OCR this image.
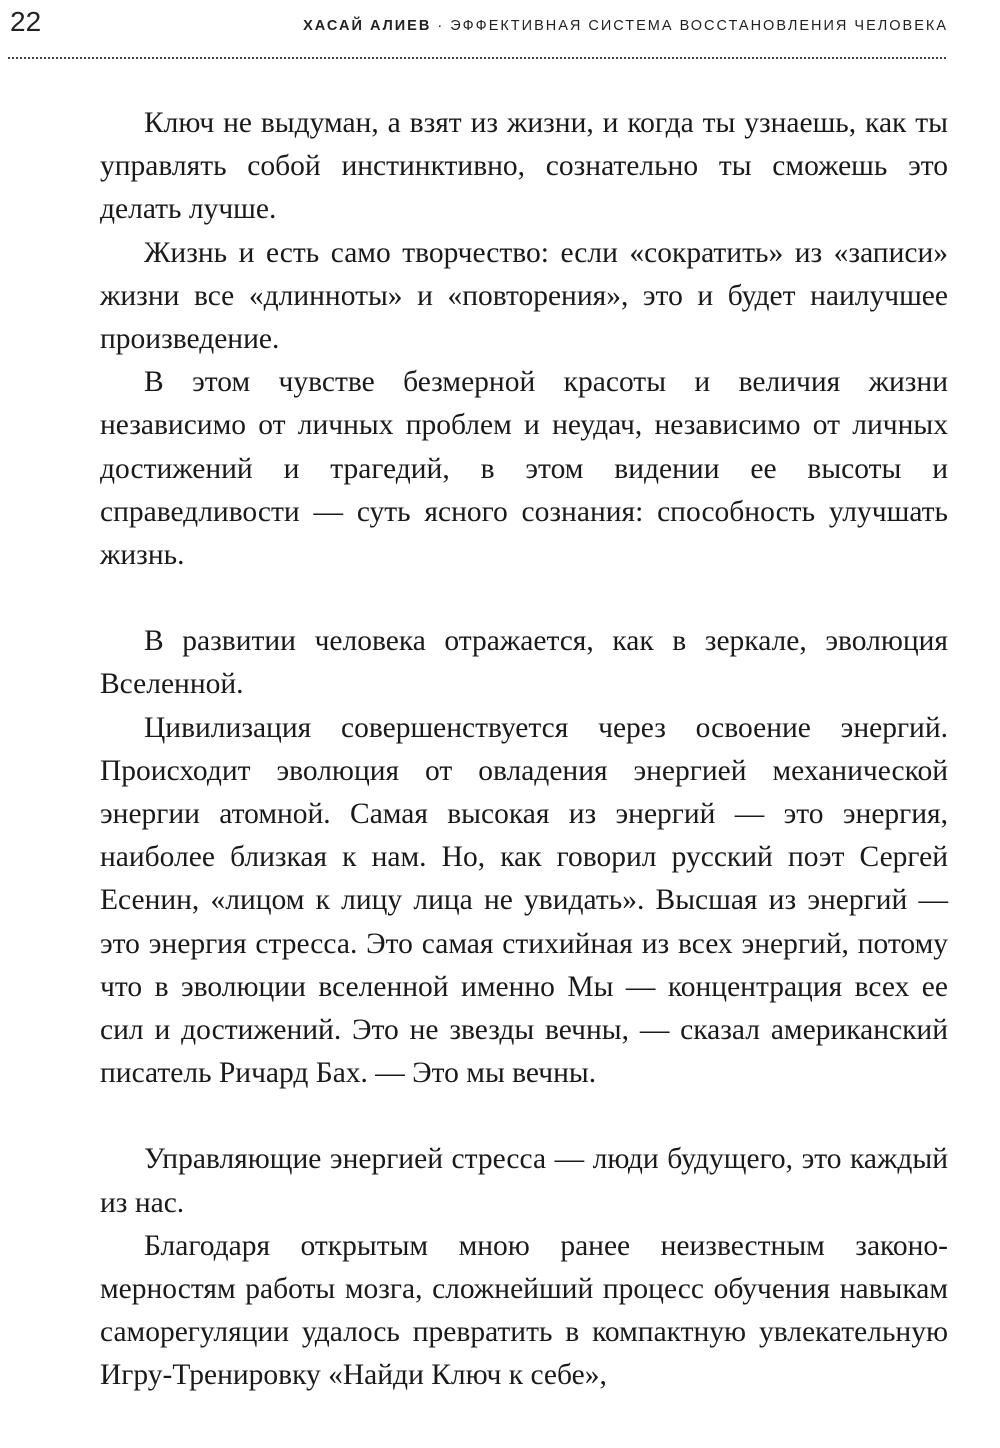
22	ХАСАЙ АЛИЕВ · ЭФФЕКТИВНАЯ СИСТЕМА ВОССТАНОВЛЕНИЯ ЧЕЛОВЕКА

Ключ не выдуман, а взят из жизни, и когда ты узнаешь, как ты управлять собой инстинктивно, сознательно ты сможешь это делать лучше.

Жизнь и есть само творчество: если «сократить» из «записи» жизни все «длинноты» и «повторения», это и будет наилучшее произведение.

В этом чувстве безмерной красоты и величия жизни независимо от личных проблем и неудач, независимо от личных достижений и трагедий, в этом видении ее высоты и справедливости — суть ясного сознания: способность улучшать жизнь.

В развитии человека отражается, как в зеркале, эволюция Вселенной.

Цивилизация совершенствуется через освоение энергий. Происходит эволюция от овладения энергией механической энергии атомной. Самая высокая из энергий — это энергия, наиболее близкая к нам. Но, как говорил русский поэт Сергей Есенин, «лицом к лицу лица не увидать». Высшая из энергий — это энергия стресса. Это самая стихийная из всех энергий, потому что в эволюции вселенной именно Мы — концентрация всех ее сил и достижений. Это не звезды вечны, — сказал американский писатель Ричард Бах. — Это мы вечны.

Управляющие энергией стресса — люди будущего, это каждый из нас.

Благодаря открытым мною ранее неизвестным закономерностям работы мозга, сложнейший процесс обучения навыкам саморегуляции удалось превратить в компактную увлекательную Игру-Тренировку «Найди Ключ к себе»,
